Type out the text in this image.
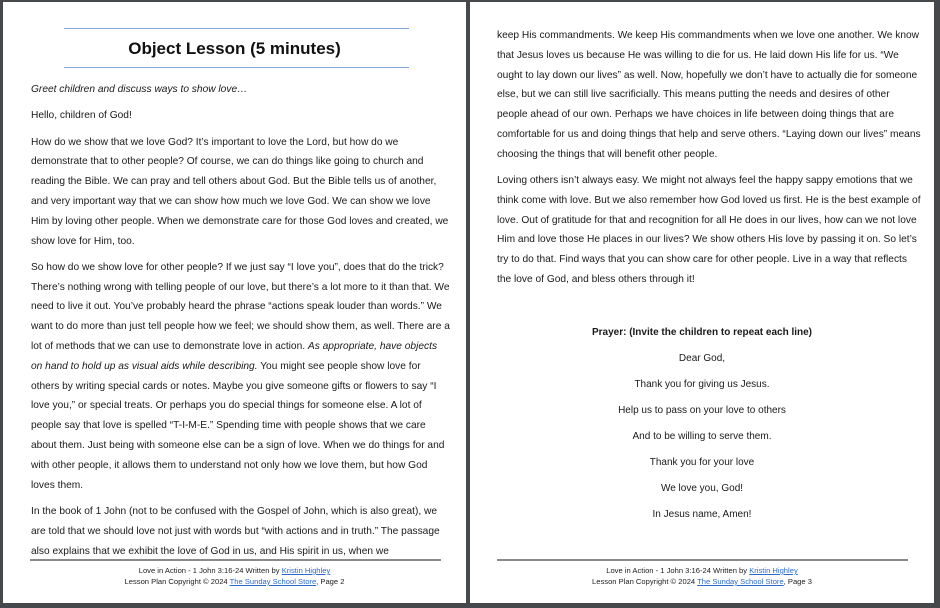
Object Lesson (5 minutes)

Greet children and discuss ways to show love…

Hello, children of God!

How do we show that we love God? It’s important to love the Lord, but how do we demonstrate that to other people? Of course, we can do things like going to church and reading the Bible. We can pray and tell others about God. But the Bible tells us of another, and very important way that we can show how much we love God. We can show we love Him by loving other people. When we demonstrate care for those God loves and created, we show love for Him, too.

So how do we show love for other people? If we just say “I love you”, does that do the trick? There’s nothing wrong with telling people of our love, but there’s a lot more to it than that. We need to live it out. You’ve probably heard the phrase “actions speak louder than words.” We want to do more than just tell people how we feel; we should show them, as well. There are a lot of methods that we can use to demonstrate love in action. As appropriate, have objects on hand to hold up as visual aids while describing. You might see people show love for others by writing special cards or notes. Maybe you give someone gifts or flowers to say “I love you,” or special treats. Or perhaps you do special things for someone else. A lot of people say that love is spelled “T-I-M-E.” Spending time with people shows that we care about them. Just being with someone else can be a sign of love. When we do things for and with other people, it allows them to understand not only how we love them, but how God loves them.

In the book of 1 John (not to be confused with the Gospel of John, which is also great), we are told that we should love not just with words but “with actions and in truth.” The passage also explains that we exhibit the love of God in us, and His spirit in us, when we

Love in Action - 1 John 3:16-24 Written by Kristin Highley
Lesson Plan Copyright © 2024 The Sunday School Store, Page 2

keep His commandments. We keep His commandments when we love one another. We know that Jesus loves us because He was willing to die for us. He laid down His life for us. “We ought to lay down our lives” as well. Now, hopefully we don’t have to actually die for someone else, but we can still live sacrificially. This means putting the needs and desires of other people ahead of our own. Perhaps we have choices in life between doing things that are comfortable for us and doing things that help and serve others. “Laying down our lives” means choosing the things that will benefit other people.

Loving others isn’t always easy. We might not always feel the happy sappy emotions that we think come with love. But we also remember how God loved us first. He is the best example of love. Out of gratitude for that and recognition for all He does in our lives, how can we not love Him and love those He places in our lives? We show others His love by passing it on. So let’s try to do that. Find ways that you can show care for other people. Live in a way that reflects the love of God, and bless others through it!

Prayer: (Invite the children to repeat each line)
Dear God,
Thank you for giving us Jesus.
Help us to pass on your love to others
And to be willing to serve them.
Thank you for your love
We love you, God!
In Jesus name, Amen!
Love in Action - 1 John 3:16-24 Written by Kristin Highley
Lesson Plan Copyright © 2024 The Sunday School Store, Page 3
